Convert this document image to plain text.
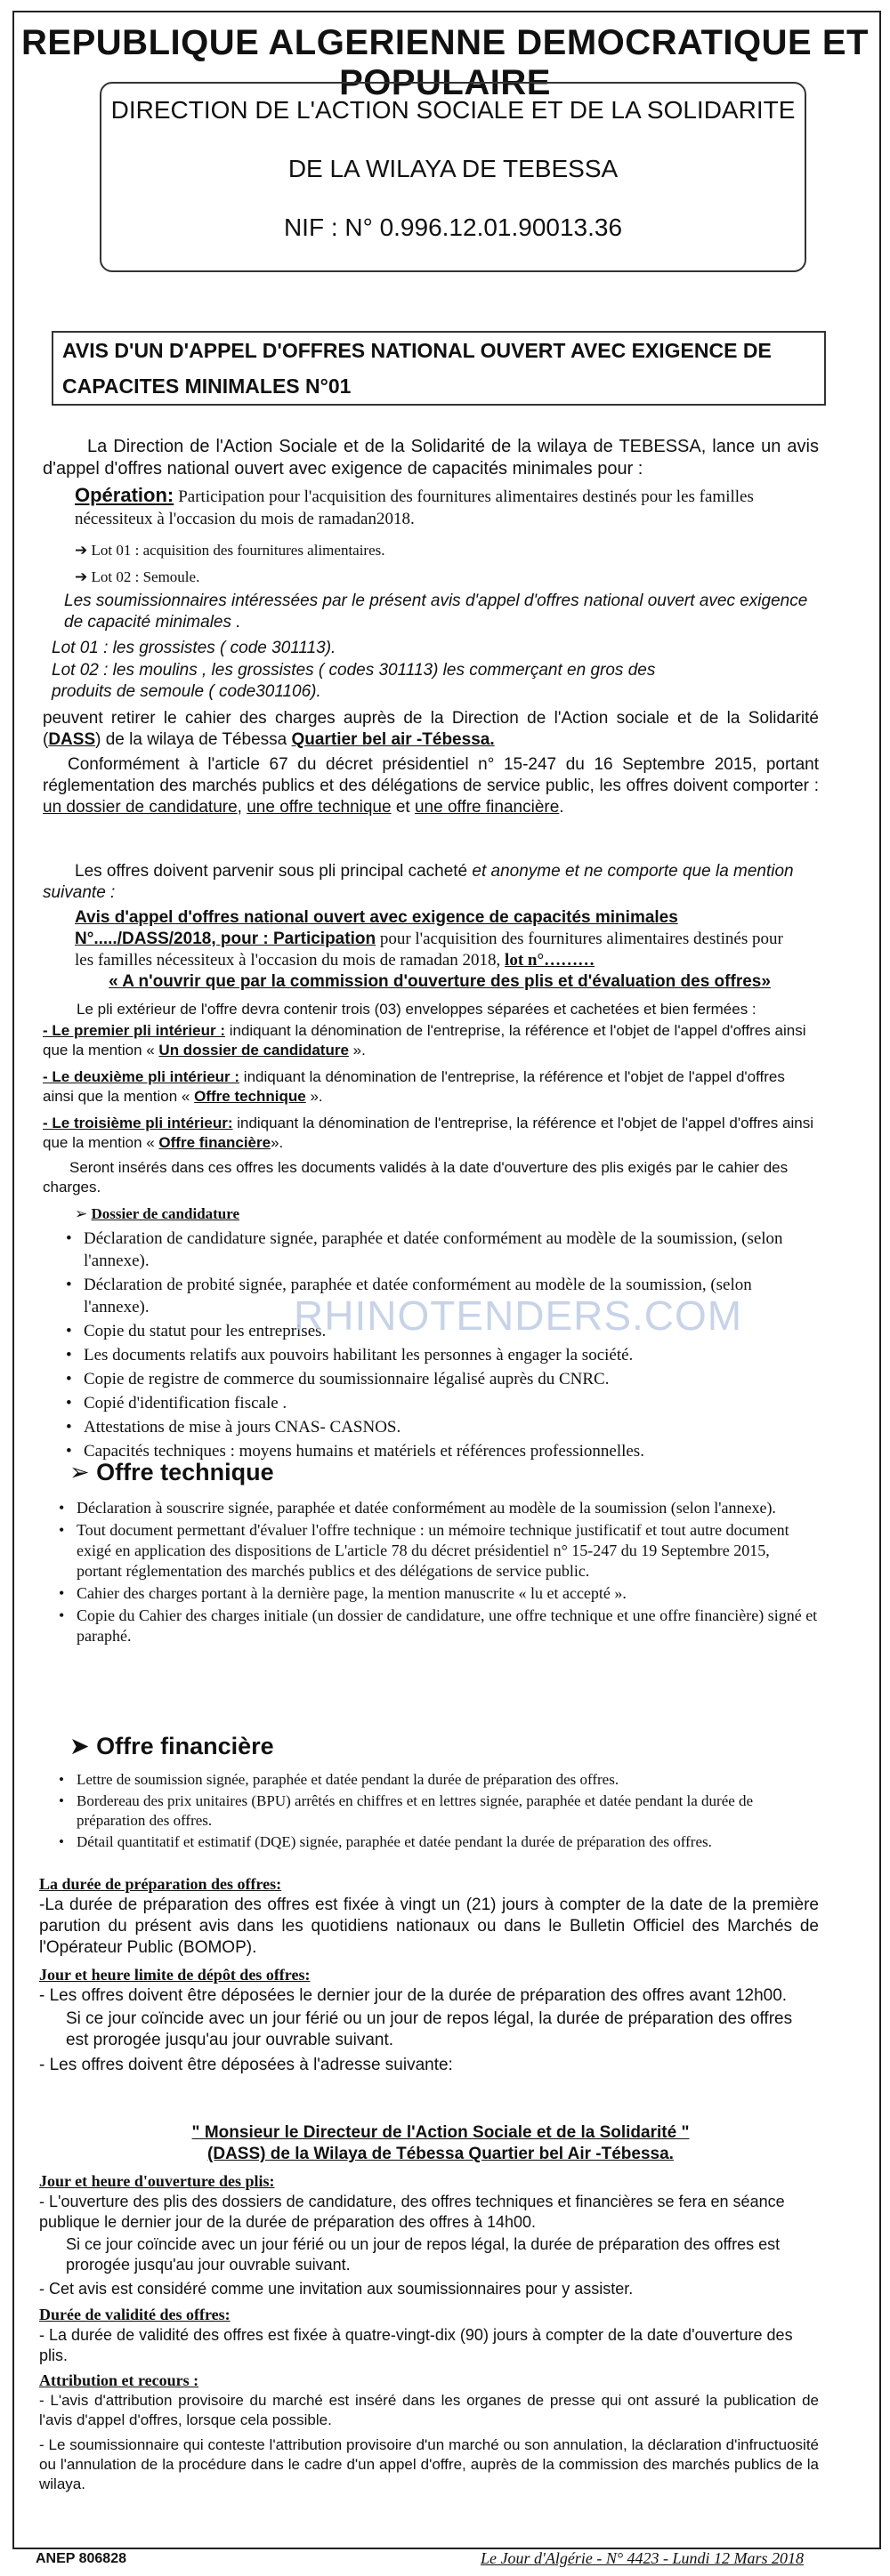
REPUBLIQUE ALGERIENNE DEMOCRATIQUE ET POPULAIRE
DIRECTION DE L'ACTION SOCIALE ET DE LA SOLIDARITE
DE LA WILAYA DE TEBESSA
NIF : N° 0.996.12.01.90013.36
AVIS D'UN D'APPEL D'OFFRES NATIONAL OUVERT AVEC EXIGENCE DE CAPACITES MINIMALES N°01
La Direction de l'Action Sociale et de la Solidarité de la wilaya de TEBESSA, lance un avis d'appel d'offres national ouvert avec exigence de capacités minimales pour :
Opération: Participation pour l'acquisition des fournitures alimentaires destinés pour les familles nécessiteux à l'occasion du mois de ramadan2018.
➔ Lot 01 : acquisition des fournitures alimentaires.
➔ Lot 02 : Semoule.
Les soumissionnaires intéressées par le présent avis d'appel d'offres national ouvert avec exigence de capacité minimales .
Lot 01 : les grossistes ( code 301113).
Lot 02 : les moulins , les grossistes ( codes 301113) les commerçant en gros des produits de semoule ( code301106).
peuvent retirer le cahier des charges auprès de la Direction de l'Action sociale et de la Solidarité (DASS) de la wilaya de Tébessa Quartier bel air -Tébessa.
Conformément à l'article 67 du décret présidentiel n° 15-247 du 16 Septembre 2015, portant réglementation des marchés publics et des délégations de service public, les offres doivent comporter : un dossier de candidature, une offre technique et une offre financière.
Les offres doivent parvenir sous pli principal cacheté et anonyme et ne comporte que la mention suivante :
Avis d'appel d'offres national ouvert avec exigence de capacités minimales
N°...../DASS/2018, pour : Participation pour l'acquisition des fournitures alimentaires destinés pour les familles nécessiteux à l'occasion du mois de ramadan 2018, lot n°………
« A n'ouvrir que par la commission d'ouverture des plis et d'évaluation des offres»
Le pli extérieur de l'offre devra contenir trois (03) enveloppes séparées et cachetées et bien fermées :
- Le premier pli intérieur : indiquant la dénomination de l'entreprise, la référence et l'objet de l'appel d'offres ainsi que la mention « Un dossier de candidature ».
- Le deuxième pli intérieur : indiquant la dénomination de l'entreprise, la référence et l'objet de l'appel d'offres ainsi que la mention « Offre technique ».
- Le troisième pli intérieur: indiquant la dénomination de l'entreprise, la référence et l'objet de l'appel d'offres ainsi que la mention « Offre financière».
Seront insérés dans ces offres les documents validés à la date d'ouverture des plis exigés par le cahier des charges.
➢ Dossier de candidature
• Déclaration de candidature signée, paraphée et datée conformément au modèle de la soumission, (selon l'annexe).
• Déclaration de probité signée, paraphée et datée conformément au modèle de la soumission, (selon l'annexe).
• Copie du statut pour les entreprises.
• Les documents relatifs aux pouvoirs habilitant les personnes à engager la société.
• Copie de registre de commerce du soumissionnaire légalisé auprès du CNRC.
• Copié d'identification fiscale .
• Attestations de mise à jours CNAS- CASNOS.
• Capacités techniques : moyens humains et matériels et références professionnelles.
RHINOTENDERS.COM
➢ Offre technique
• Déclaration à souscrire signée, paraphée et datée conformément au modèle de la soumission (selon l'annexe).
• Tout document permettant d'évaluer l'offre technique : un mémoire technique justificatif et tout autre document exigé en application des dispositions de L'article 78 du décret présidentiel n° 15-247 du 19 Septembre 2015, portant réglementation des marchés publics et des délégations de service public.
• Cahier des charges portant à la dernière page, la mention manuscrite « lu et accepté ».
• Copie du Cahier des charges initiale (un dossier de candidature, une offre technique et une offre financière) signé et paraphé.
➤ Offre financière
• Lettre de soumission signée, paraphée et datée pendant la durée de préparation des offres.
• Bordereau des prix unitaires (BPU) arrêtés en chiffres et en lettres signée, paraphée et datée pendant la durée de préparation des offres.
• Détail quantitatif et estimatif (DQE) signée, paraphée et datée pendant la durée de préparation des offres.
La durée de préparation des offres:
-La durée de préparation des offres est fixée à vingt un (21) jours à compter de la date de la première parution du présent avis dans les quotidiens nationaux ou dans le Bulletin Officiel des Marchés de l'Opérateur Public (BOMOP).
Jour et heure limite de dépôt des offres:
- Les offres doivent être déposées le dernier jour de la durée de préparation des offres avant 12h00.
Si ce jour coïncide avec un jour férié ou un jour de repos légal, la durée de préparation des offres est prorogée jusqu'au jour ouvrable suivant.
- Les offres doivent être déposées à l'adresse suivante:
" Monsieur le Directeur de l'Action Sociale et de la Solidarité "
(DASS) de la Wilaya de Tébessa Quartier bel Air -Tébessa.
Jour et heure d'ouverture des plis:
- L'ouverture des plis des dossiers de candidature, des offres techniques et financières se fera en séance publique le dernier jour de la durée de préparation des offres à 14h00.
Si ce jour coïncide avec un jour férié ou un jour de repos légal, la durée de préparation des offres est prorogée jusqu'au jour ouvrable suivant.
- Cet avis est considéré comme une invitation aux soumissionnaires pour y assister.
Durée de validité des offres:
- La durée de validité des offres est fixée à quatre-vingt-dix (90) jours à compter de la date d'ouverture des plis.
Attribution et recours :
- L'avis d'attribution provisoire du marché est inséré dans les organes de presse qui ont assuré la publication de l'avis d'appel d'offres, lorsque cela possible.
- Le soumissionnaire qui conteste l'attribution provisoire d'un marché ou son annulation, la déclaration d'infructuosité ou l'annulation de la procédure dans le cadre d'un appel d'offre, auprès de la commission des marchés publics de la wilaya.
ANEP 806828	Le Jour d'Algérie - N° 4423 - Lundi 12 Mars 2018
